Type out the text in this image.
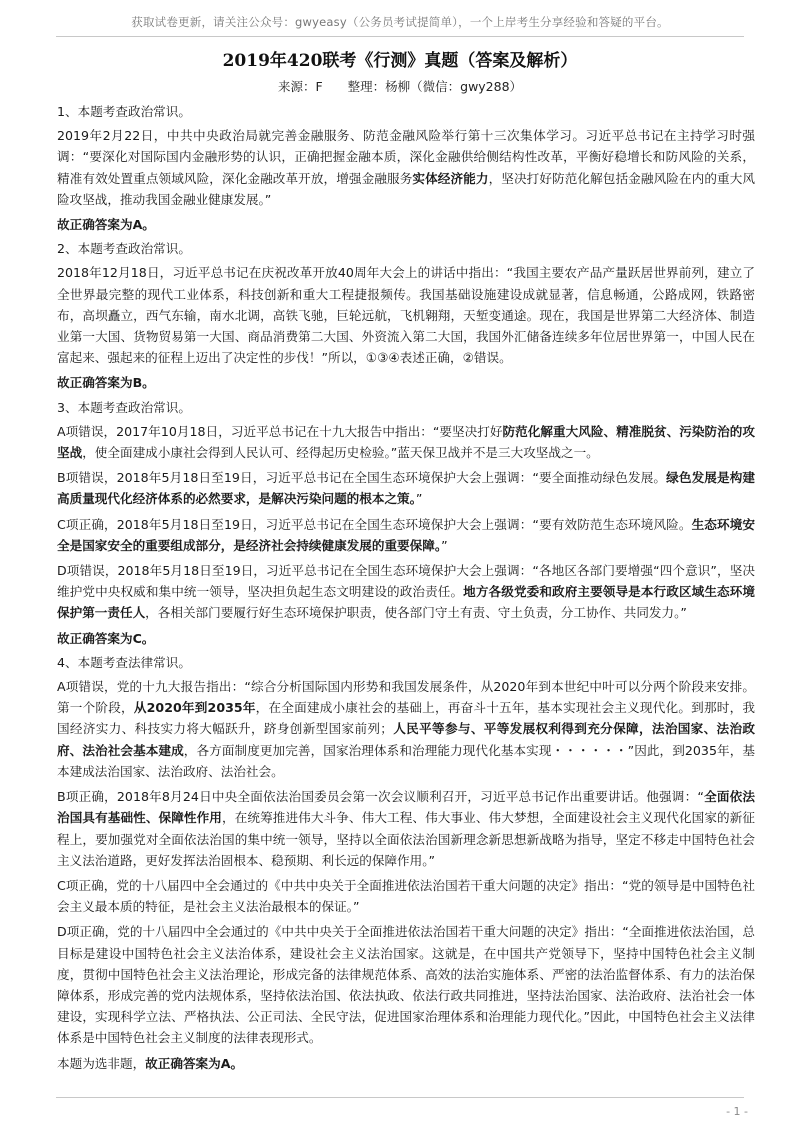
获取试卷更新，请关注公众号：gwyeasy（公务员考试提简单），一个上岸考生分享经验和答疑的平台。
2019年420联考《行测》真题（答案及解析）
来源：F　　整理：杨柳（微信：gwy288）

1、本题考查政治常识。

2019年2月22日，中共中央政治局就完善金融服务、防范金融风险举行第十三次集体学习。习近平总书记在主持学习时强调：“要深化对国际国内金融形势的认识，正确把握金融本质，深化金融供给侧结构性改革，平衡好稳增长和防风险的关系，精准有效处置重点领域风险，深化金融改革开放，增强金融服务实体经济能力，坚决打好防范化解包括金融风险在内的重大风险攻坚战，推动我国金融业健康发展。”

故正确答案为A。

2、本题考查政治常识。

2018年12月18日，习近平总书记在庆祝改革开放40周年大会上的讲话中指出：“我国主要农产品产量跃居世界前列，建立了全世界最完整的现代工业体系，科技创新和重大工程捷报频传。我国基础设施建设成就显著，信息畅通，公路成网，铁路密布，高坝矗立，西气东输，南水北调，高铁飞驰，巨轮远航，飞机翱翔，天堑变通途。现在，我国是世界第二大经济体、制造业第一大国、货物贸易第一大国、商品消费第二大国、外资流入第二大国，我国外汇储备连续多年位居世界第一，中国人民在富起来、强起来的征程上迈出了决定性的步伐！”所以，①③④表述正确，②错误。

故正确答案为B。

3、本题考查政治常识。

A项错误，2017年10月18日，习近平总书记在十九大报告中指出：“要坚决打好防范化解重大风险、精准脱贫、污染防治的攻坚战，使全面建成小康社会得到人民认可、经得起历史检验。”蓝天保卫战并不是三大攻坚战之一。

B项错误，2018年5月18日至19日，习近平总书记在全国生态环境保护大会上强调：“要全面推动绿色发展。绿色发展是构建高质量现代化经济体系的必然要求，是解决污染问题的根本之策。”

C项正确，2018年5月18日至19日，习近平总书记在全国生态环境保护大会上强调：“要有效防范生态环境风险。生态环境安全是国家安全的重要组成部分，是经济社会持续健康发展的重要保障。”

D项错误，2018年5月18日至19日，习近平总书记在全国生态环境保护大会上强调：“各地区各部门要增强“四个意识”，坚决维护党中央权威和集中统一领导，坚决担负起生态文明建设的政治责任。地方各级党委和政府主要领导是本行政区域生态环境保护第一责任人，各相关部门要履行好生态环境保护职责，使各部门守土有责、守土负责，分工协作、共同发力。”

故正确答案为C。

4、本题考查法律常识。

A项错误，党的十九大报告指出：“综合分析国际国内形势和我国发展条件，从2020年到本世纪中叶可以分两个阶段来安排。第一个阶段，从2020年到2035年，在全面建成小康社会的基础上，再奋斗十五年，基本实现社会主义现代化。到那时，我国经济实力、科技实力将大幅跃升，跻身创新型国家前列；人民平等参与、平等发展权利得到充分保障，法治国家、法治政府、法治社会基本建成，各方面制度更加完善，国家治理体系和治理能力现代化基本实现・・・・・・”因此，到2035年，基本建成法治国家、法治政府、法治社会。

B项正确，2018年8月24日中央全面依法治国委员会第一次会议顺利召开，习近平总书记作出重要讲话。他强调：“全面依法治国具有基础性、保障性作用，在统筹推进伟大斗争、伟大工程、伟大事业、伟大梦想，全面建设社会主义现代化国家的新征程上，要加强党对全面依法治国的集中统一领导，坚持以全面依法治国新理念新思想新战略为指导，坚定不移走中国特色社会主义法治道路，更好发挥法治固根本、稳预期、利长远的保障作用。”

C项正确，党的十八届四中全会通过的《中共中央关于全面推进依法治国若干重大问题的决定》指出：“党的领导是中国特色社会主义最本质的特征，是社会主义法治最根本的保证。”

D项正确，党的十八届四中全会通过的《中共中央关于全面推进依法治国若干重大问题的决定》指出：“全面推进依法治国，总目标是建设中国特色社会主义法治体系，建设社会主义法治国家。这就是，在中国共产党领导下，坚持中国特色社会主义制度，贯彻中国特色社会主义法治理论，形成完备的法律规范体系、高效的法治实施体系、严密的法治监督体系、有力的法治保障体系，形成完善的党内法规体系，坚持依法治国、依法执政、依法行政共同推进，坚持法治国家、法治政府、法治社会一体建设，实现科学立法、严格执法、公正司法、全民守法，促进国家治理体系和治理能力现代化。”因此，中国特色社会主义法律体系是中国特色社会主义制度的法律表现形式。

本题为选非题，故正确答案为A。

- 1 -
